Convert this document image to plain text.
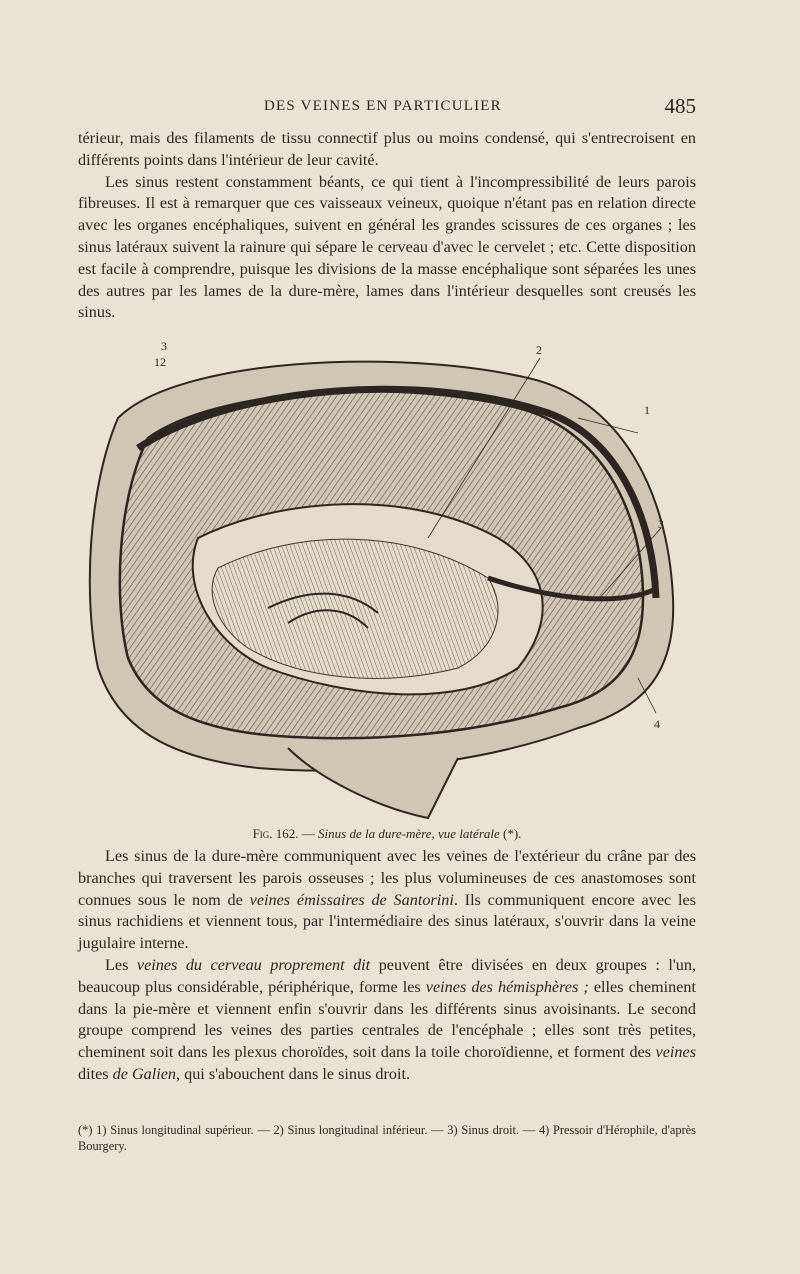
DES VEINES EN PARTICULIER	485

térieur, mais des filaments de tissu connectif plus ou moins condensé, qui s'entrecroisent en différents points dans l'intérieur de leur cavité.

Les sinus restent constamment béants, ce qui tient à l'incompressibilité de leurs parois fibreuses. Il est à remarquer que ces vaisseaux veineux, quoique n'étant pas en relation directe avec les organes encéphaliques, suivent en général les grandes scissures de ces organes ; les sinus latéraux suivent la rainure qui sépare le cerveau d'avec le cervelet ; etc. Cette disposition est facile à comprendre, puisque les divisions de la masse encéphalique sont séparées les unes des autres par les lames de la dure-mère, lames dans l'intérieur desquelles sont creusés les sinus.

1
2
3
4
3
12
Fig. 162. — Sinus de la dure-mère, vue latérale (*).

Les sinus de la dure-mère communiquent avec les veines de l'extérieur du crâne par des branches qui traversent les parois osseuses ; les plus volumineuses de ces anastomoses sont connues sous le nom de veines émissaires de Santorini. Ils communiquent encore avec les sinus rachidiens et viennent tous, par l'intermédiaire des sinus latéraux, s'ouvrir dans la veine jugulaire interne.

Les veines du cerveau proprement dit peuvent être divisées en deux groupes : l'un, beaucoup plus considérable, périphérique, forme les veines des hémisphères ; elles cheminent dans la pie-mère et viennent enfin s'ouvrir dans les différents sinus avoisinants. Le second groupe comprend les veines des parties centrales de l'encéphale ; elles sont très petites, cheminent soit dans les plexus choroïdes, soit dans la toile choroïdienne, et forment des veines dites de Galien, qui s'abouchent dans le sinus droit.

(*) 1) Sinus longitudinal supérieur. — 2) Sinus longitudinal inférieur. — 3) Sinus droit. — 4) Pressoir d'Hérophile, d'après Bourgery.
